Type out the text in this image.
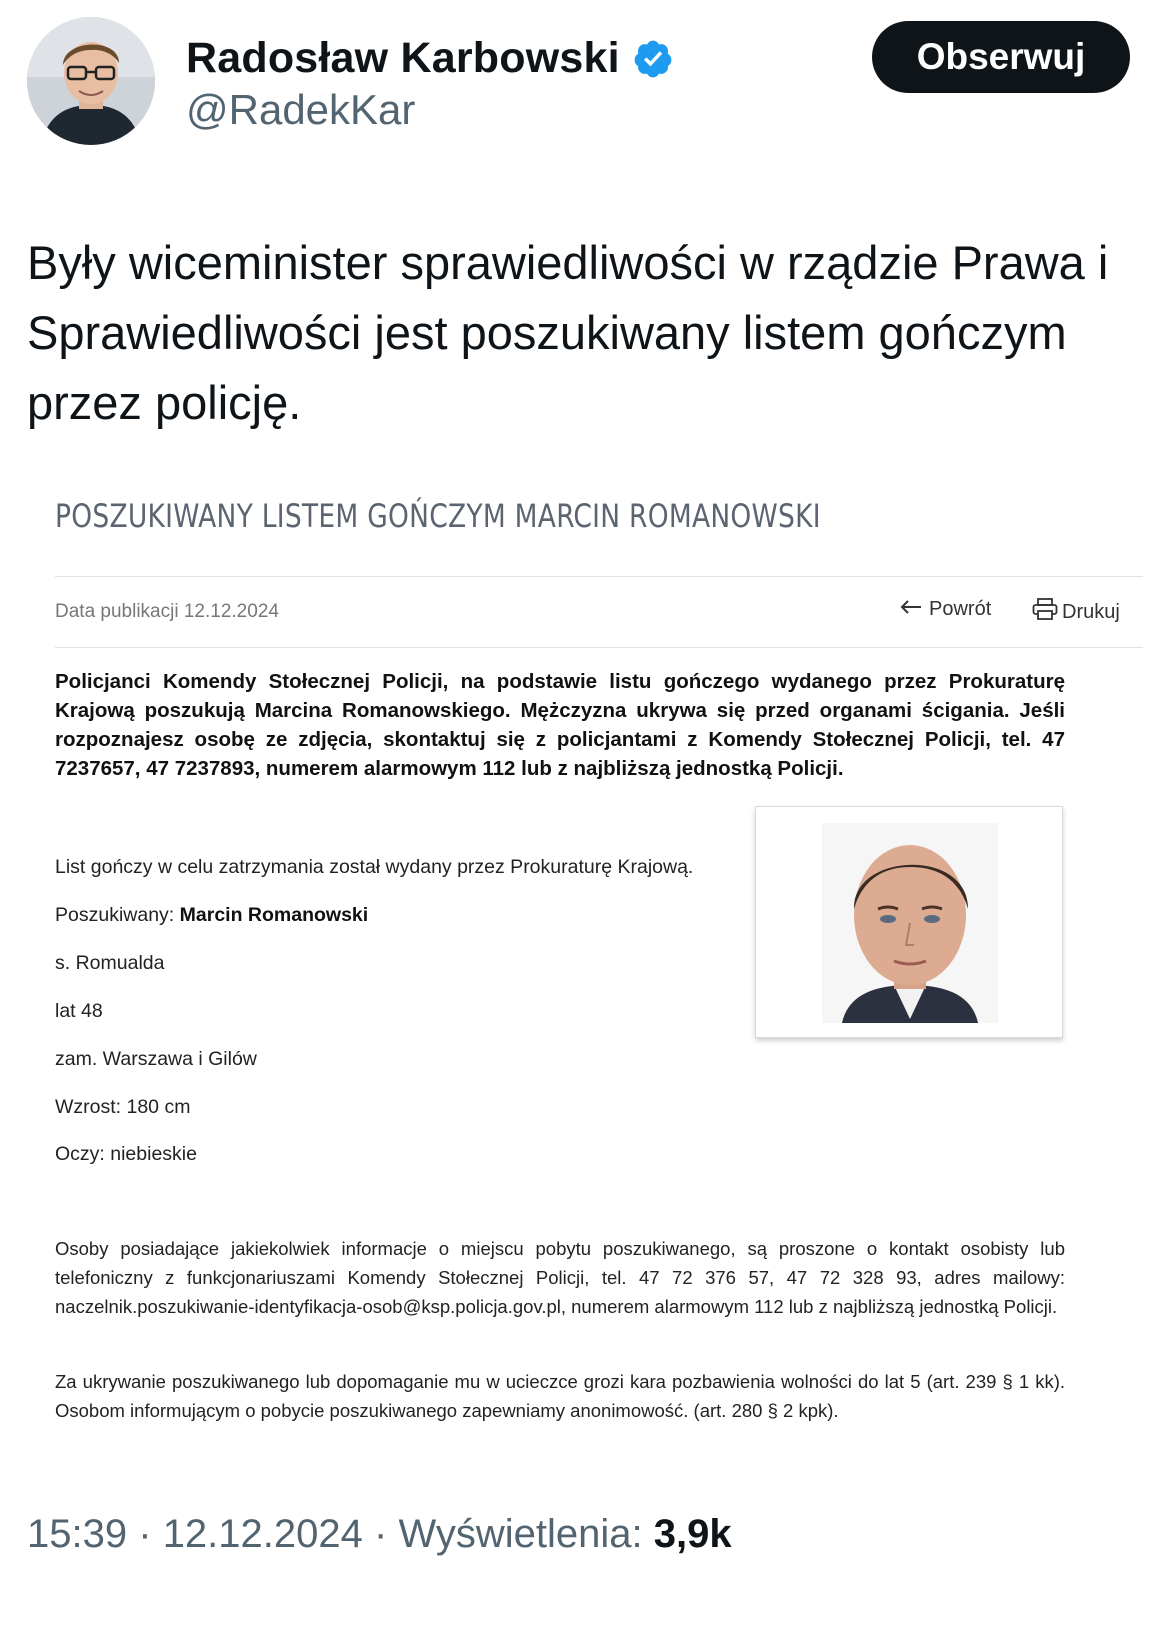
Radosław Karbowski
@RadekKar
Obserwuj

Były wiceminister sprawiedliwości w rządzie Prawa i Sprawiedliwości jest poszukiwany listem gończym przez policję.

POSZUKIWANY LISTEM GOŃCZYM MARCIN ROMANOWSKI
Data publikacji 12.12.2024	Powrót	Drukuj

Policjanci Komendy Stołecznej Policji, na podstawie listu gończego wydanego przez Prokuraturę Krajową poszukują Marcina Romanowskiego. Mężczyzna ukrywa się przed organami ścigania. Jeśli rozpoznajesz osobę ze zdjęcia, skontaktuj się z policjantami z Komendy Stołecznej Policji, tel. 47 7237657, 47 7237893, numerem alarmowym 112 lub z najbliższą jednostką Policji.

List gończy w celu zatrzymania został wydany przez Prokuraturę Krajową.
Poszukiwany: Marcin Romanowski
s. Romualda
lat 48
zam. Warszawa i Gilów
Wzrost: 180 cm
Oczy: niebieskie

Osoby posiadające jakiekolwiek informacje o miejscu pobytu poszukiwanego, są proszone o kontakt osobisty lub telefoniczny z funkcjonariuszami Komendy Stołecznej Policji, tel. 47 72 376 57, 47 72 328 93, adres mailowy: naczelnik.poszukiwanie-identyfikacja-osob@ksp.policja.gov.pl, numerem alarmowym 112 lub z najbliższą jednostką Policji.

Za ukrywanie poszukiwanego lub dopomaganie mu w ucieczce grozi kara pozbawienia wolności do lat 5 (art. 239 § 1 kk). Osobom informującym o pobycie poszukiwanego zapewniamy anonimowość. (art. 280 § 2 kpk).

15:39 · 12.12.2024 · Wyświetlenia: 3,9k
